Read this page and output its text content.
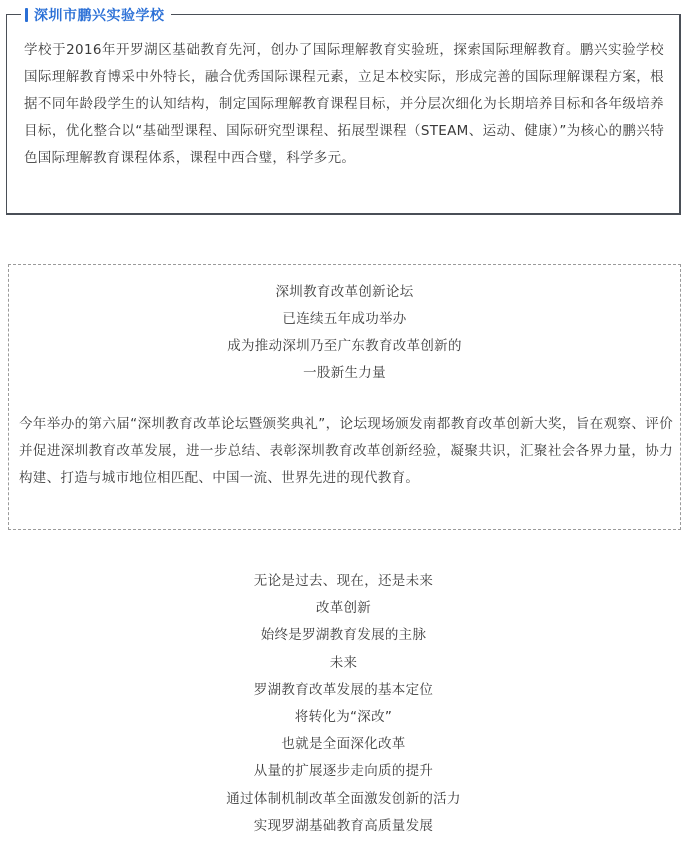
深圳市鹏兴实验学校

学校于2016年开罗湖区基础教育先河，创办了国际理解教育实验班，探索国际理解教育。鹏兴实验学校国际理解教育博采中外特长，融合优秀国际课程元素，立足本校实际，形成完善的国际理解课程方案，根据不同年龄段学生的认知结构，制定国际理解教育课程目标，并分层次细化为长期培养目标和各年级培养目标，优化整合以“基础型课程、国际研究型课程、拓展型课程（STEAM、运动、健康）”为核心的鹏兴特色国际理解教育课程体系，课程中西合璧，科学多元。

深圳教育改革创新论坛
已连续五年成功举办
成为推动深圳乃至广东教育改革创新的
一股新生力量

今年举办的第六届“深圳教育改革论坛暨颁奖典礼”，论坛现场颁发南都教育改革创新大奖，旨在观察、评价并促进深圳教育改革发展，进一步总结、表彰深圳教育改革创新经验，凝聚共识，汇聚社会各界力量，协力构建、打造与城市地位相匹配、中国一流、世界先进的现代教育。

无论是过去、现在，还是未来
改革创新
始终是罗湖教育发展的主脉
未来
罗湖教育改革发展的基本定位
将转化为“深改”
也就是全面深化改革
从量的扩展逐步走向质的提升
通过体制机制改革全面激发创新的活力
实现罗湖基础教育高质量发展
